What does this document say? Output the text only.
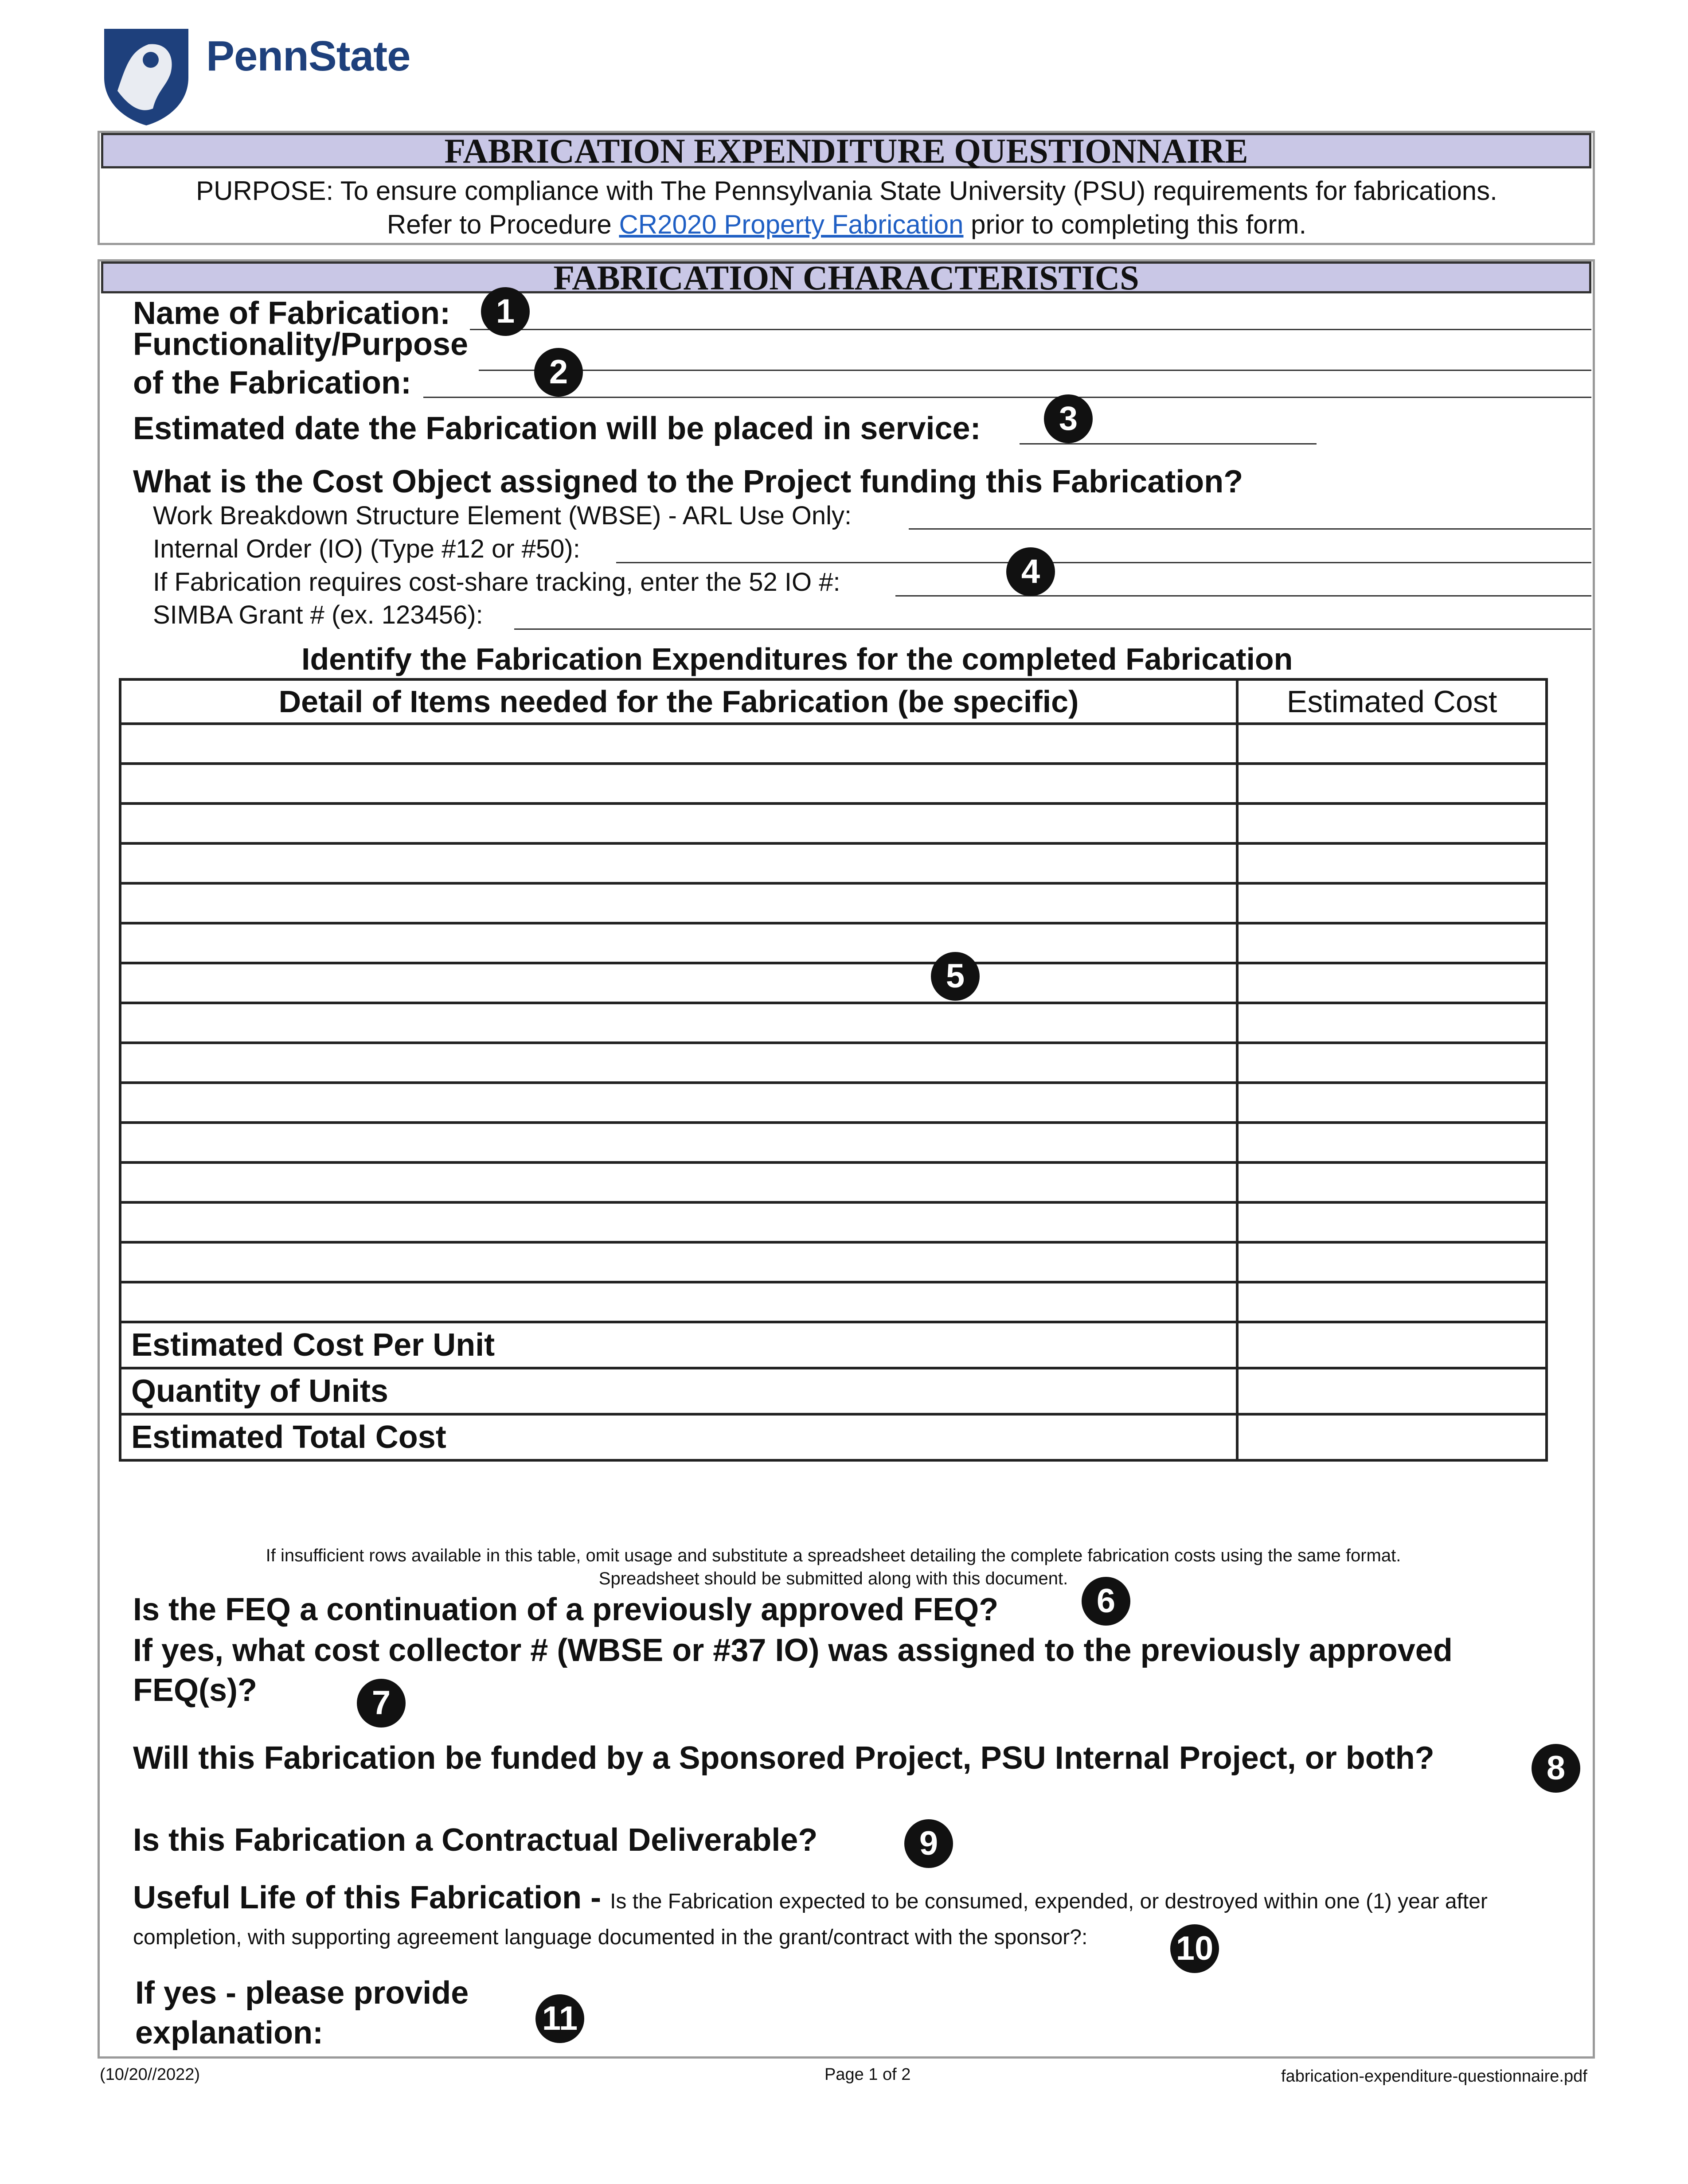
PennState
FABRICATION EXPENDITURE QUESTIONNAIRE
PURPOSE: To ensure compliance with The Pennsylvania State University (PSU) requirements for fabrications.
Refer to Procedure CR2020 Property Fabrication prior to completing this form.
FABRICATION CHARACTERISTICS
Name of Fabrication:	1
Functionality/Purpose
of the Fabrication:	2
Estimated date the Fabrication will be placed in service:	3
What is the Cost Object assigned to the Project funding this Fabrication?
Work Breakdown Structure Element (WBSE) - ARL Use Only:
Internal Order (IO) (Type #12 or #50):
If Fabrication requires cost-share tracking, enter the 52 IO #:
SIMBA Grant # (ex. 123456):
4
Identify the Fabrication Expenditures for the completed Fabrication
Detail of Items needed for the Fabrication (be specific)	Estimated Cost

Estimated Cost Per Unit	
Quantity of Units	
Estimated Total Cost	
5
If insufficient rows available in this table, omit usage and substitute a spreadsheet detailing the complete fabrication costs using the same format.
Spreadsheet should be submitted along with this document.
Is the FEQ a continuation of a previously approved FEQ?	6
If yes, what cost collector # (WBSE or #37 IO) was assigned to the previously approved
FEQ(s)?	7
Will this Fabrication be funded by a Sponsored Project, PSU Internal Project, or both?	8
Is this Fabrication a Contractual Deliverable?	9
Useful Life of this Fabrication - Is the Fabrication expected to be consumed, expended, or destroyed within one (1) year after
completion, with supporting agreement language documented in the grant/contract with the sponsor?:	10
If yes - please provide
explanation:	11
(10/20//2022)	Page 1 of 2	fabrication-expenditure-questionnaire.pdf
